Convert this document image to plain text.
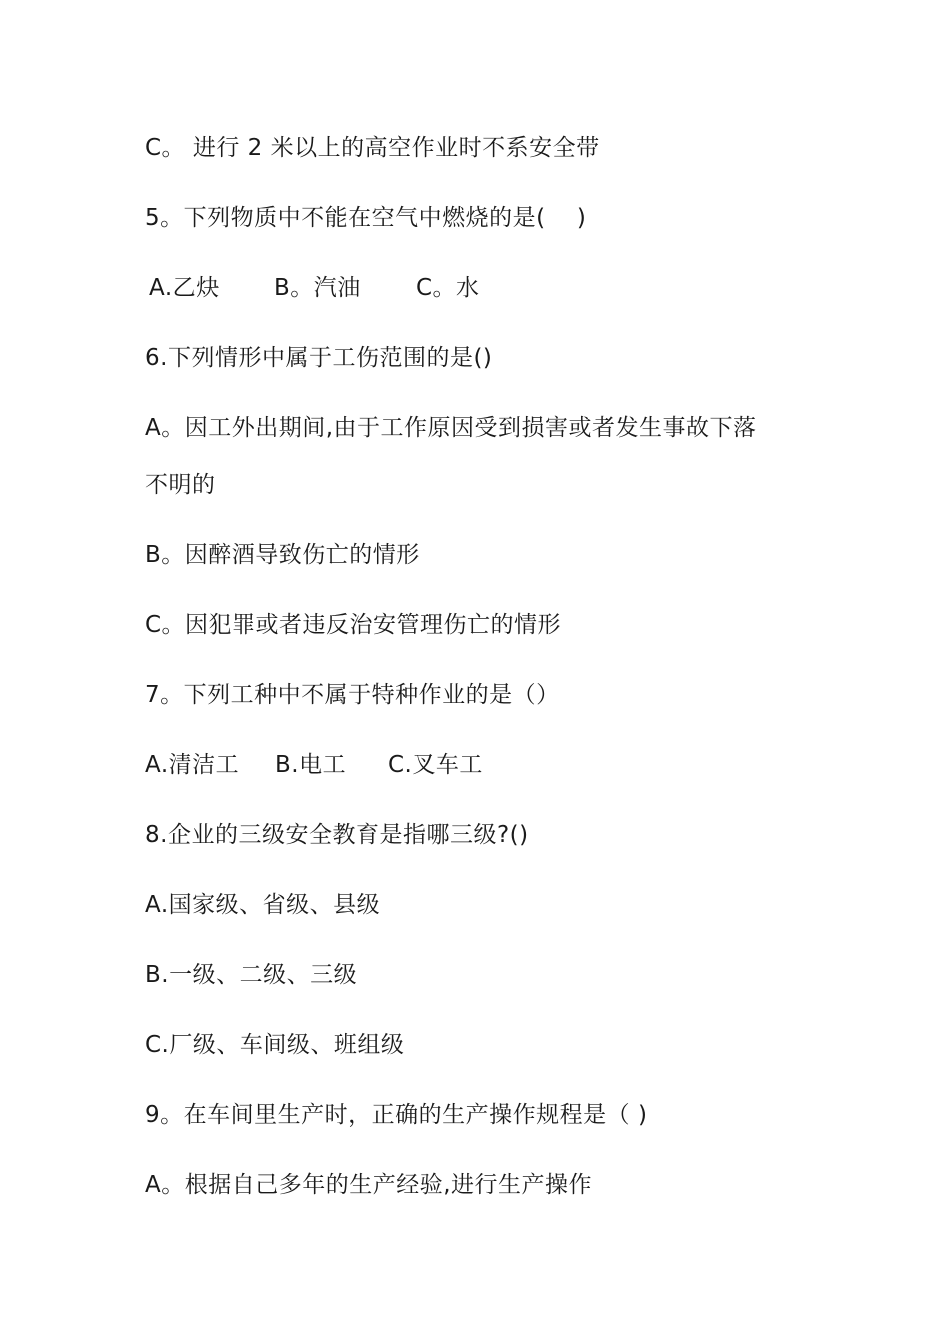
C。 进行 2 米以上的高空作业时不系安全带
5。下列物质中不能在空气中燃烧的是(    )
A.乙炔 B。汽油 C。水
6.下列情形中属于工伤范围的是()
A。因工外出期间,由于工作原因受到损害或者发生事故下落
不明的
B。因醉酒导致伤亡的情形
C。因犯罪或者违反治安管理伤亡的情形
7。下列工种中不属于特种作业的是（）
A.清洁工 B.电工 C.叉车工
8.企业的三级安全教育是指哪三级?()
A.国家级、省级、县级
B.一级、二级、三级
C.厂级、车间级、班组级
9。在车间里生产时，正确的生产操作规程是（ )
A。根据自己多年的生产经验,进行生产操作
